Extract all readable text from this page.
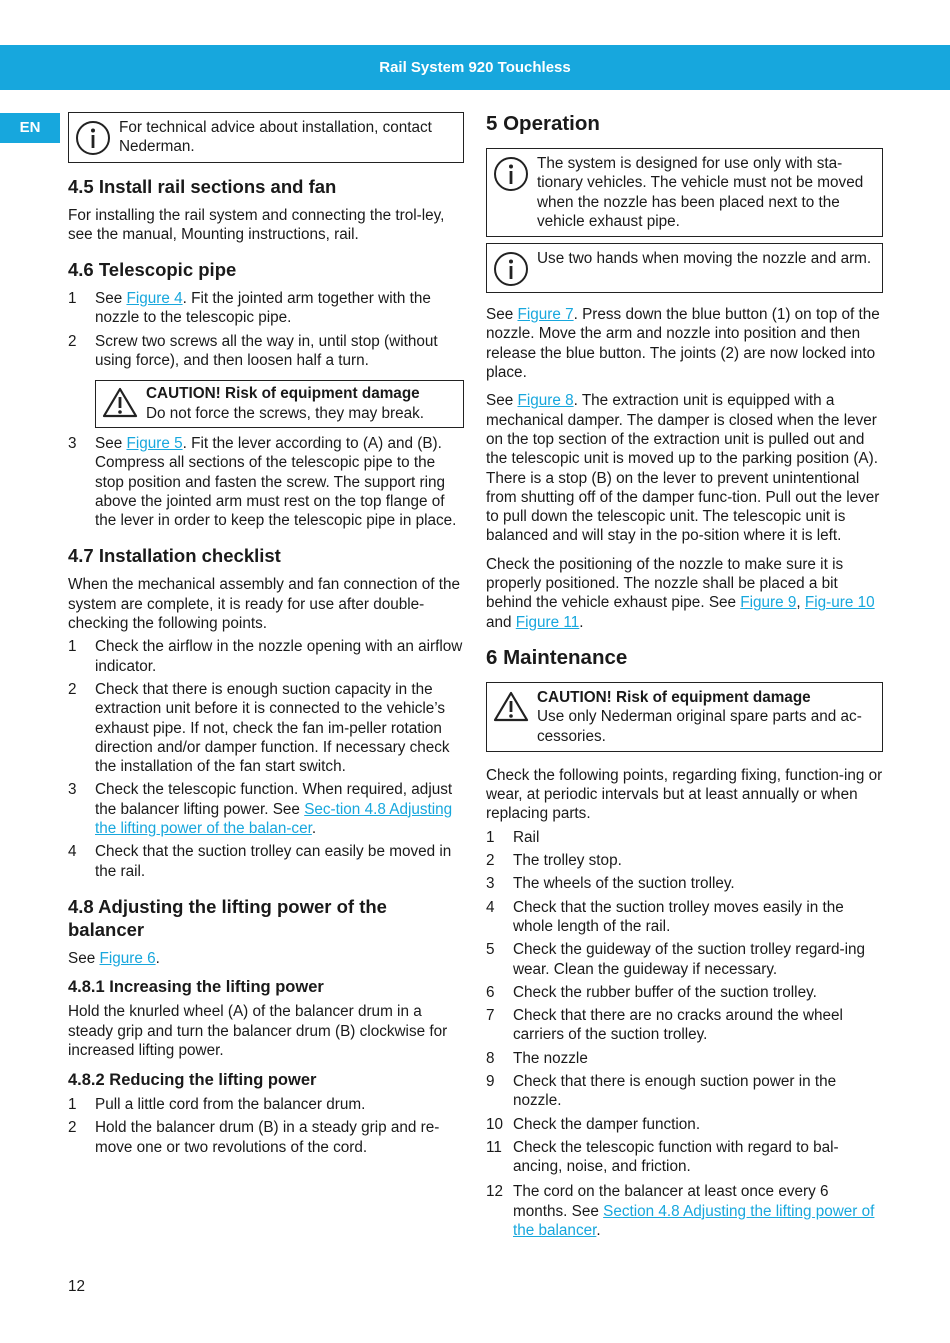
Rail System 920 Touchless
EN	For technical advice about installation, contact Nederman.
4.5 Install rail sections and fan

For installing the rail system and connecting the trol-ley, see the manual, Mounting instructions, rail.

4.6 Telescopic pipe
1	See Figure 4. Fit the jointed arm together with the nozzle to the telescopic pipe.
2	Screw two screws all the way in, until stop (without using force), and then loosen half a turn.
CAUTION! Risk of equipment damage
Do not force the screws, they may break.
3	See Figure 5. Fit the lever according to (A) and (B). Compress all sections of the telescopic pipe to the stop position and fasten the screw. The support ring above the jointed arm must rest on the top flange of the lever in order to keep the telescopic pipe in place.
4.7 Installation checklist

When the mechanical assembly and fan connection of the system are complete, it is ready for use after double-checking the following points.

1	Check the airflow in the nozzle opening with an airflow indicator.
2	Check that there is enough suction capacity in the extraction unit before it is connected to the vehicle’s exhaust pipe. If not, check the fan im-peller rotation direction and/or damper function. If necessary check the installation of the fan start switch.
3	Check the telescopic function. When required, adjust the balancer lifting power. See Sec-tion 4.8 Adjusting the lifting power of the balan-cer.
4	Check that the suction trolley can easily be moved in the rail.
4.8 Adjusting the lifting power of the balancer

See Figure 6.

4.8.1 Increasing the lifting power

Hold the knurled wheel (A) of the balancer drum in a steady grip and turn the balancer drum (B) clockwise for increased lifting power.

4.8.2 Reducing the lifting power
1	Pull a little cord from the balancer drum.
2	Hold the balancer drum (B) in a steady grip and re-move one or two revolutions of the cord.
5 Operation
The system is designed for use only with sta-tionary vehicles. The vehicle must not be moved when the nozzle has been placed next to the vehicle exhaust pipe.
Use two hands when moving the nozzle and arm.

See Figure 7. Press down the blue button (1) on top of the nozzle. Move the arm and nozzle into position and then release the blue button. The joints (2) are now locked into place.

See Figure 8. The extraction unit is equipped with a mechanical damper. The damper is closed when the lever on the top section of the extraction unit is pulled out and the telescopic unit is moved up to the parking position (A). There is a stop (B) on the lever to prevent unintentional from shutting off of the damper func-tion. Pull out the lever to pull down the telescopic unit. The telescopic unit is balanced and will stay in the po-sition where it is left.

Check the positioning of the nozzle to make sure it is properly positioned. The nozzle shall be placed a bit behind the vehicle exhaust pipe. See Figure 9, Fig-ure 10 and Figure 11.

6 Maintenance
CAUTION! Risk of equipment damage
Use only Nederman original spare parts and ac-cessories.

Check the following points, regarding fixing, function-ing or wear, at periodic intervals but at least annually or when replacing parts.

1	Rail
2	The trolley stop.
3	The wheels of the suction trolley.
4	Check that the suction trolley moves easily in the whole length of the rail.
5	Check the guideway of the suction trolley regard-ing wear. Clean the guideway if necessary.
6	Check the rubber buffer of the suction trolley.
7	Check that there are no cracks around the wheel carriers of the suction trolley.
8	The nozzle
9	Check that there is enough suction power in the nozzle.
10 Check the damper function.
11 Check the telescopic function with regard to bal-ancing, noise, and friction.
12 The cord on the balancer at least once every 6 months. See Section 4.8 Adjusting the lifting power of the balancer.
12
